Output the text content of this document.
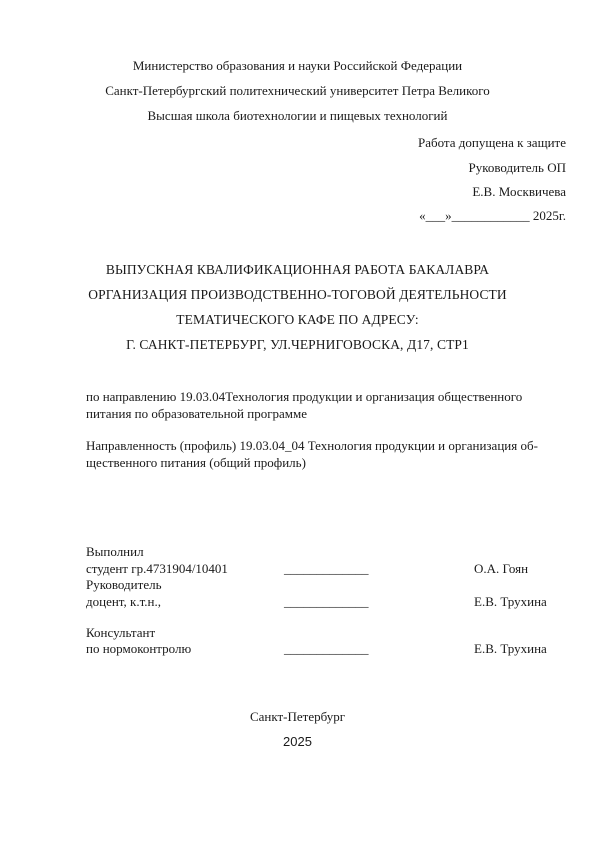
Министерство образования и науки Российской Федерации
Санкт-Петербургский политехнический университет Петра Великого
Высшая школа биотехнологии и пищевых технологий
Работа допущена к защите
Руководитель ОП
Е.В. Москвичева
«___»____________ 2025г.
ВЫПУСКНАЯ КВАЛИФИКАЦИОННАЯ РАБОТА БАКАЛАВРА
ОРГАНИЗАЦИЯ ПРОИЗВОДСТВЕННО-ТОГОВОЙ ДЕЯТЕЛЬНОСТИ
ТЕМАТИЧЕСКОГО КАФЕ ПО АДРЕСУ:
Г. САНКТ-ПЕТЕРБУРГ, УЛ.ЧЕРНИГОВОСКА, Д17, СТР1
по направлению 19.03.04Технология продукции и организация общественного
питания по образовательной программе
Направленность (профиль) 19.03.04_04 Технология продукции и организация об-
щественного питания (общий профиль)
Выполнил
студент гр.4731904/10401	_____________	О.А. Гоян
Руководитель
доцент, к.т.н.,	_____________	Е.В. Трухина
Консультант
по нормоконтролю	_____________	Е.В. Трухина
Санкт-Петербург
2025
